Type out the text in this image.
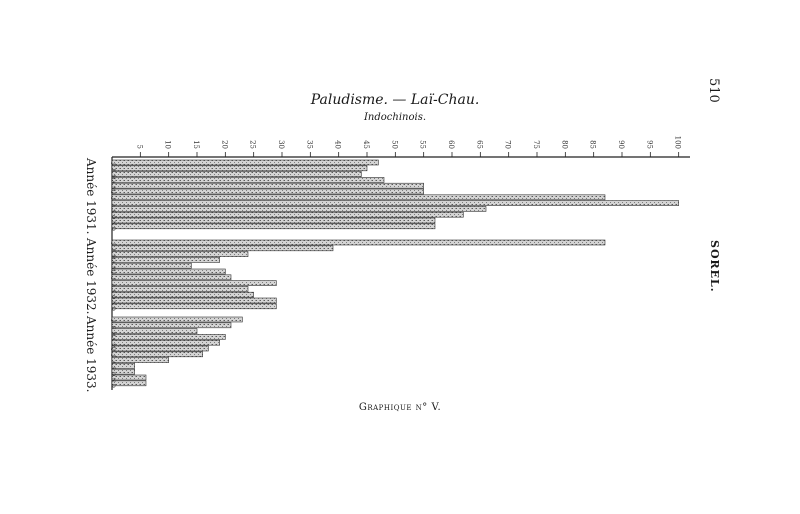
Paludisme. — Laï-Chau.
Indochinois.
510
SOREL.
Graphique n° V.
Année 1931.
Année 1932.
Année 1933.
5	10	15	20	25	30	35	40	45	50	55	60	65	70	75	80	85	90	95	100
J
F
M
A
M
J
J
A
S
O
N
D
J
F
M
A
M
J
J
A
S
O
N
D
J
F
M
A
M
J
J
A
S
O
N
D
